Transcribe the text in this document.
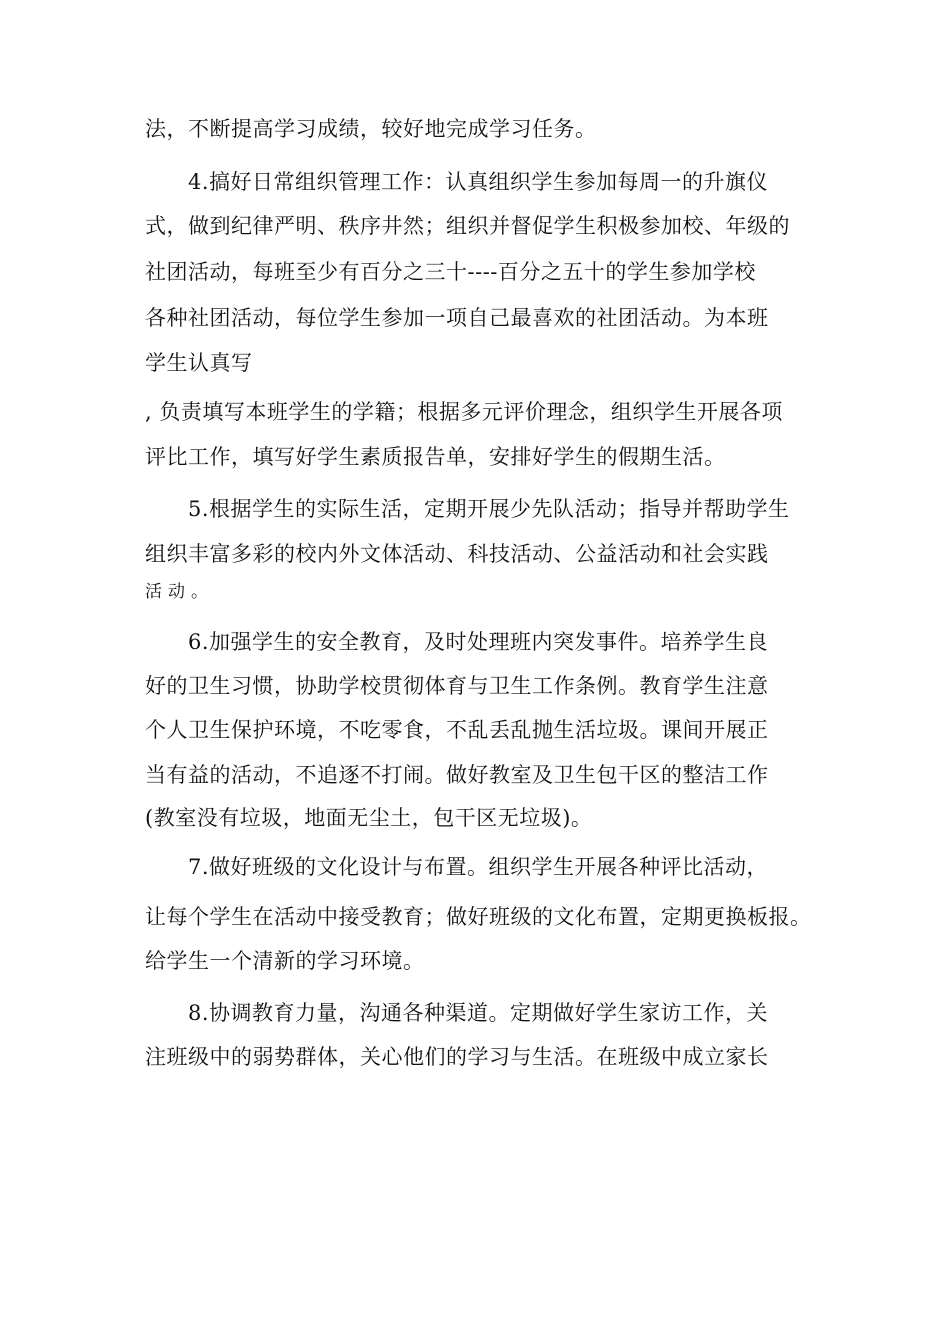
法，不断提高学习成绩，较好地完成学习任务。
4.搞好日常组织管理工作：认真组织学生参加每周一的升旗仪
式，做到纪律严明、秩序井然；组织并督促学生积极参加校、年级的
社团活动，每班至少有百分之三十----百分之五十的学生参加学校
各种社团活动，每位学生参加一项自己最喜欢的社团活动。为本班
学生认真写
, 负责填写本班学生的学籍；根据多元评价理念，组织学生开展各项
评比工作，填写好学生素质报告单，安排好学生的假期生活。
5.根据学生的实际生活，定期开展少先队活动；指导并帮助学生
组织丰富多彩的校内外文体活动、科技活动、公益活动和社会实践
活动。
6.加强学生的安全教育，及时处理班内突发事件。培养学生良
好的卫生习惯，协助学校贯彻体育与卫生工作条例。教育学生注意
个人卫生保护环境，不吃零食，不乱丢乱抛生活垃圾。课间开展正
当有益的活动，不追逐不打闹。做好教室及卫生包干区的整洁工作
(教室没有垃圾，地面无尘土，包干区无垃圾)。
7.做好班级的文化设计与布置。组织学生开展各种评比活动，
让每个学生在活动中接受教育；做好班级的文化布置，定期更换板报。
给学生一个清新的学习环境。
8.协调教育力量，沟通各种渠道。定期做好学生家访工作，关
注班级中的弱势群体，关心他们的学习与生活。在班级中成立家长
